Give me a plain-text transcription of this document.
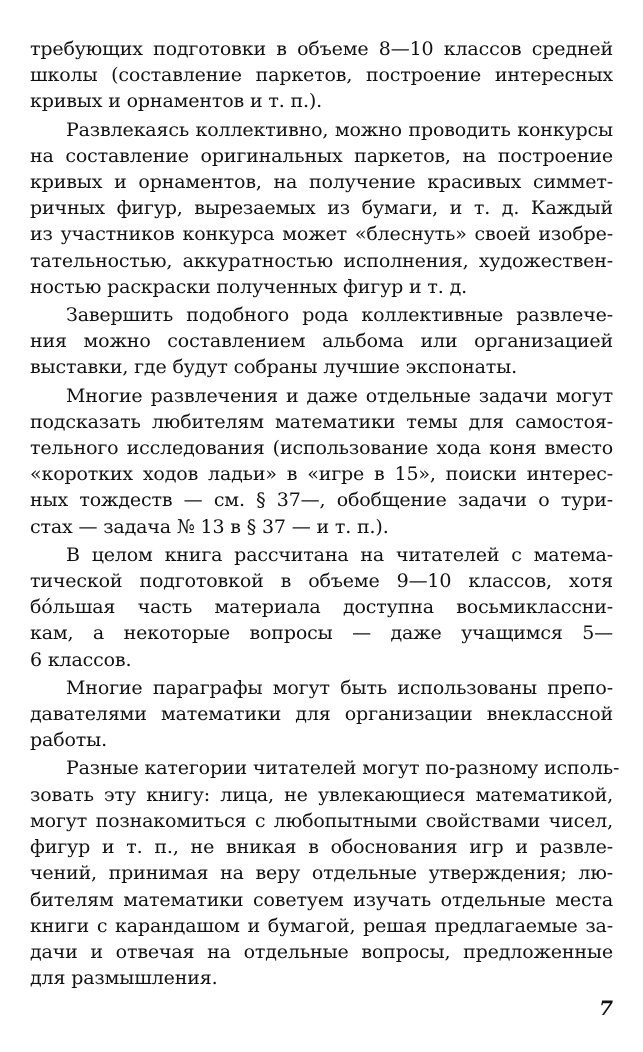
требующих подготовки в объеме 8—10 классов средней
школы (составление паркетов, построение интересных
кривых и орнаментов и т. п.).

Развлекаясь коллективно, можно проводить конкурсы
на составление оригинальных паркетов, на построение
кривых и орнаментов, на получение красивых симмет-
ричных фигур, вырезаемых из бумаги, и т. д. Каждый
из участников конкурса может «блеснуть» своей изобре-
тательностью, аккуратностью исполнения, художествен-
ностью раскраски полученных фигур и т. д.

Завершить подобного рода коллективные развлече-
ния можно составлением альбома или организацией
выставки, где будут собраны лучшие экспонаты.

Многие развлечения и даже отдельные задачи могут
подсказать любителям математики темы для самостоя-
тельного исследования (использование хода коня вместо
«коротких ходов ладьи» в «игре в 15», поиски интерес-
ных тождеств — см. § 37—, обобщение задачи о тури-
стах — задача № 13 в § 37 — и т. п.).

В целом книга рассчитана на читателей с матема-
тической подготовкой в объеме 9—10 классов, хотя
бóльшая часть материала доступна восьмиклассни-
кам, а некоторые вопросы — даже учащимся 5—
6 классов.

Многие параграфы могут быть использованы препо-
давателями математики для организации внеклассной
работы.

Разные категории читателей могут по-разному исполь-
зовать эту книгу: лица, не увлекающиеся математикой,
могут познакомиться с любопытными свойствами чисел,
фигур и т. п., не вникая в обоснования игр и развле-
чений, принимая на веру отдельные утверждения; лю-
бителям математики советуем изучать отдельные места
книги с карандашом и бумагой, решая предлагаемые за-
дачи и отвечая на отдельные вопросы, предложенные
для размышления.

7
